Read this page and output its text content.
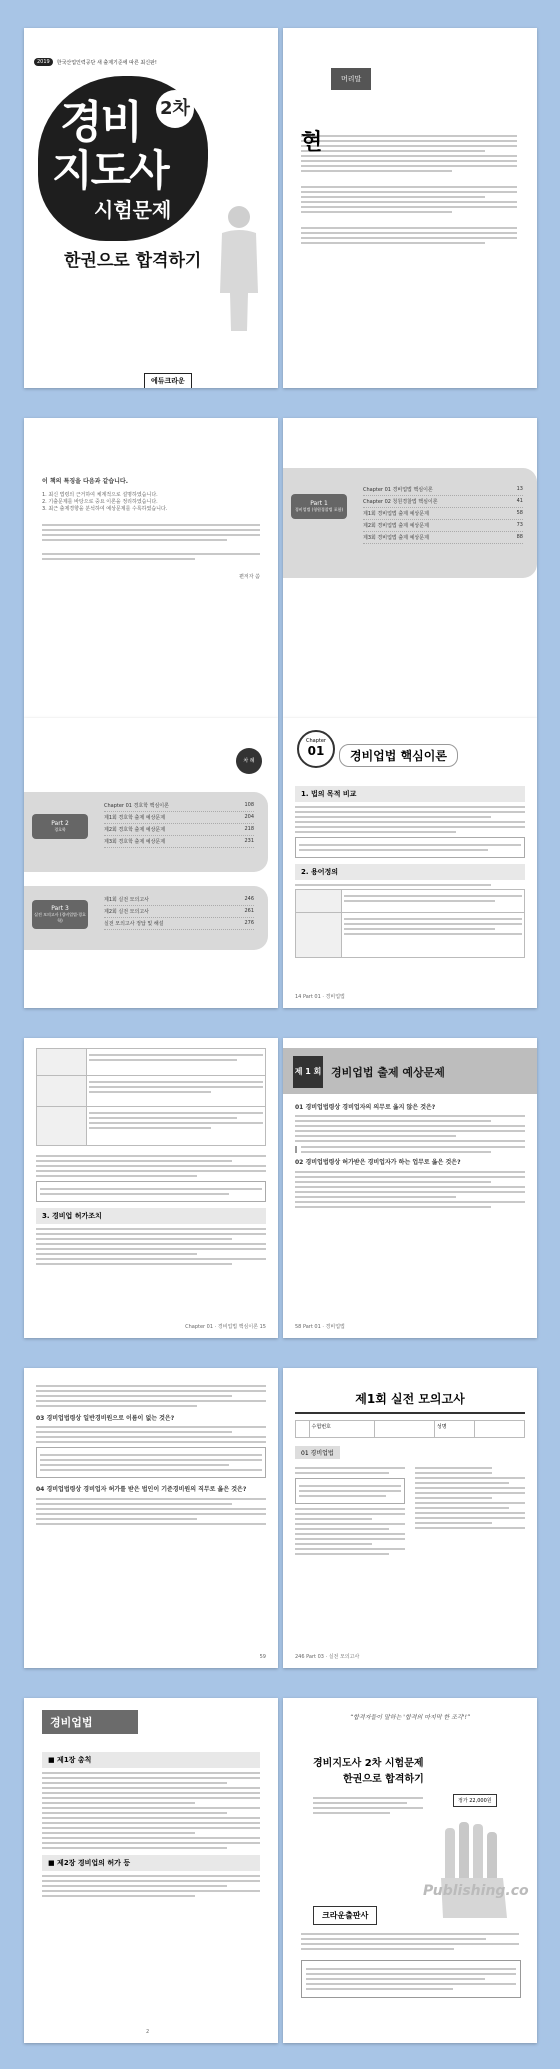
2019	한국산업인력공단 새 출제기준에 따른 최신판!
경비 2차
지도사
시험문제
한권으로 합격하기
에듀크라운
머리말
현
이 책의 특징을 다음과 같습니다.
1. 최신 법령의 근거하여 체계적으로 설명하였습니다.
2. 기출문제를 바탕으로 중요 이론을 정리하였습니다.
3. 최근 출제경향을 분석하여 예상문제를 수록하였습니다.
편저자 씀
Part 1
경비업법 (청원경찰법 포함)
Chapter 01 경비업법 핵심이론	13
Chapter 02 청원경찰법 핵심이론	41
제1회 경비업법 출제 예상문제	58
제2회 경비업법 출제 예상문제	73
제3회 경비업법 출제 예상문제	88
차 례
Part 2
경호학
Chapter 01 경호학 핵심이론	108
제1회 경호학 출제 예상문제	204
제2회 경호학 출제 예상문제	218
제3회 경호학 출제 예상문제	231
Part 3
실전 모의고사 (경비업법·경호학)
제1회 실전 모의고사	246
제2회 실전 모의고사	261
실전 모의고사 정답 및 해설	276
Chapter
01	경비업법 핵심이론
1. 법의 목적 비교
2. 용어정의

14 Part 01 · 경비업법

3. 경비업 허가조치
Chapter 01 · 경비업법 핵심이론 15
제 1 회 경비업법 출제 예상문제
01 경비업법령상 경비업자의 의무로 옳지 않은 것은?
02 경비업법령상 허가받은 경비업자가 하는 업무로 옳은 것은?
58 Part 01 · 경비업법
03 경비업법령상 일반경비원으로 이름이 없는 것은?
04 경비업법령상 경비업자 허가를 받은 법인이 기준경비원의 직무로 옳은 것은?
59
제1회 실전 모의고사
	수험번호		성명	
01 경비업법
246 Part 03 · 실전 모의고사
경비업법
■ 제1장 총칙
■ 제2장 경비업의 허가 등
2
“합격자들이 말하는 '합격의 마지막 한 조각'!”
경비지도사 2차 시험문제
한권으로 합격하기
정가 22,000원
Publishing.co
크라운출판사
